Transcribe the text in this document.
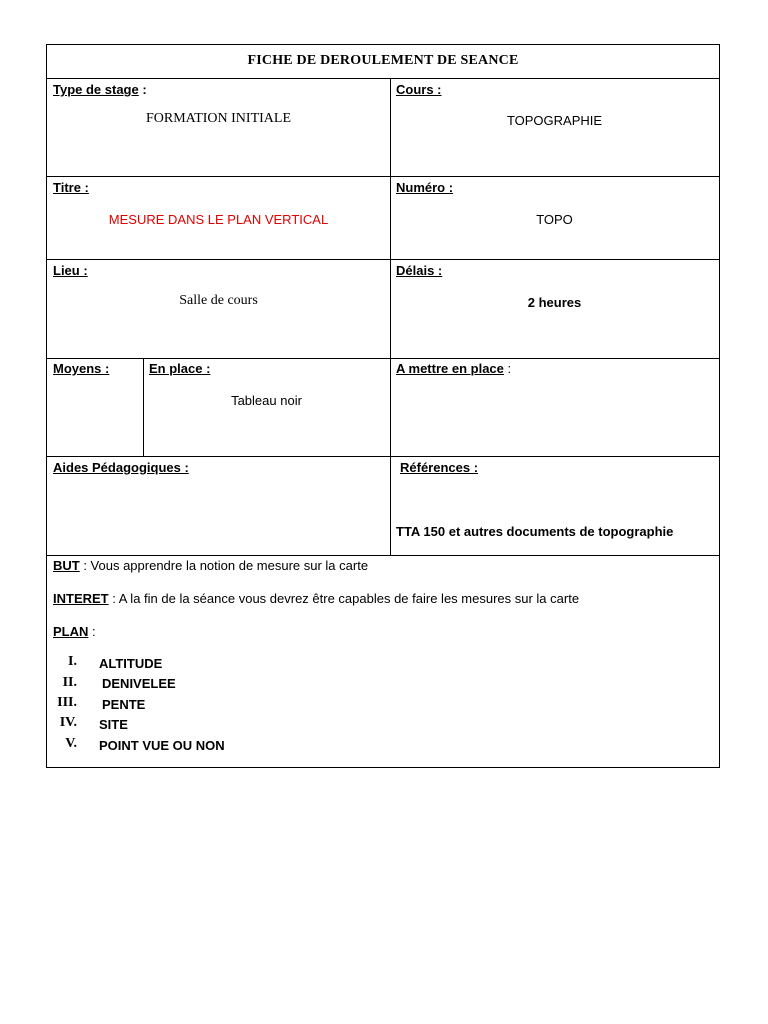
FICHE DE DEROULEMENT DE SEANCE
Type de stage :
FORMATION INITIALE
Cours :
TOPOGRAPHIE
Titre :
MESURE DANS LE PLAN VERTICAL
Numéro :
TOPO
Lieu :
Salle de cours
Délais :
2 heures
Moyens :	En place :
Tableau noir
A mettre en place :
Aides Pédagogiques :	Références :
TTA 150 et autres documents de topographie
BUT : Vous apprendre la notion de mesure sur la carte
INTERET : A la fin de la séance vous devrez être capables de faire les mesures sur la carte
PLAN :
I. ALTITUDE
II. DENIVELEE
III. PENTE
IV. SITE
V. POINT VUE OU NON
